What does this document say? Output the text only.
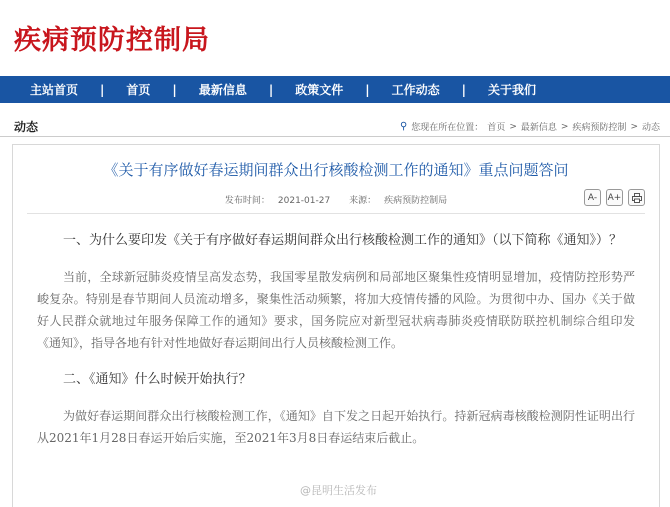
疾病预防控制局
主站首页 | 首页 | 最新信息 | 政策文件 | 工作动态 | 关于我们
动态	⚲ 您现在所在位置： 首页 > 最新信息 > 疾病预防控制 > 动态
《关于有序做好春运期间群众出行核酸检测工作的通知》重点问题答问
发布时间： 2021-01-27 来源： 疾病预防控制局	A-	A+

一、为什么要印发《关于有序做好春运期间群众出行核酸检测工作的通知》（以下简称《通知》）？

当前，全球新冠肺炎疫情呈高发态势，我国零星散发病例和局部地区聚集性疫情明显增加，疫情防控形势严峻复杂。特别是春节期间人员流动增多，聚集性活动频繁，将加大疫情传播的风险。为贯彻中办、国办《关于做好人民群众就地过年服务保障工作的通知》要求，国务院应对新型冠状病毒肺炎疫情联防联控机制综合组印发《通知》，指导各地有针对性地做好春运期间出行人员核酸检测工作。

二、《通知》什么时候开始执行？

为做好春运期间群众出行核酸检测工作，《通知》自下发之日起开始执行。持新冠病毒核酸检测阴性证明出行从2021年1月28日春运开始后实施，至2021年3月8日春运结束后截止。

@昆明生活发布
